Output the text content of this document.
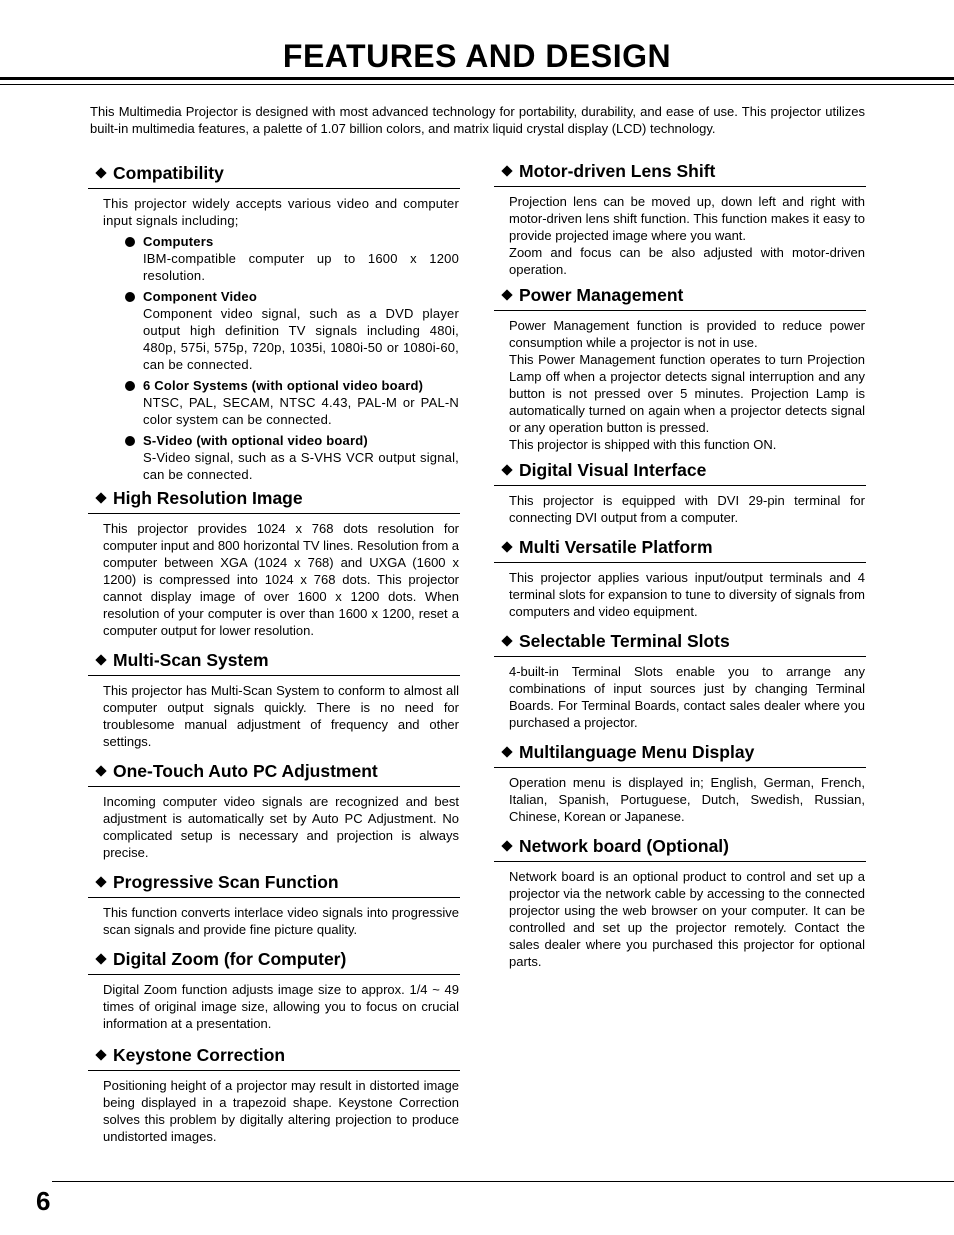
FEATURES AND DESIGN

This Multimedia Projector is designed with most advanced technology for portability, durability, and ease of use. This projector utilizes built-in multimedia features, a palette of 1.07 billion colors, and matrix liquid crystal display (LCD) technology.

Compatibility

This projector widely accepts various video and computer input signals including;

Computers
IBM-compatible computer up to 1600 x 1200 resolution.
Component Video
Component video signal, such as a DVD player output high definition TV signals including 480i, 480p, 575i, 575p, 720p, 1035i, 1080i-50 or 1080i-60, can be connected.
6 Color Systems (with optional video board)
NTSC, PAL, SECAM, NTSC 4.43, PAL-M or PAL-N color system can be connected.
S-Video (with optional video board)
S-Video signal, such as a S-VHS VCR output signal, can be connected.
High Resolution Image

This projector provides 1024 x 768 dots resolution for computer input and 800 horizontal TV lines. Resolution from a computer between XGA (1024 x 768) and UXGA (1600 x 1200) is compressed into 1024 x 768 dots. This projector cannot display image of over 1600 x 1200 dots. When resolution of your computer is over than 1600 x 1200, reset a computer output for lower resolution.

Multi-Scan System

This projector has Multi-Scan System to conform to almost all computer output signals quickly. There is no need for troublesome manual adjustment of frequency and other settings.

One-Touch Auto PC Adjustment

Incoming computer video signals are recognized and best adjustment is automatically set by Auto PC Adjustment. No complicated setup is necessary and projection is always precise.

Progressive Scan Function

This function converts interlace video signals into progressive scan signals and provide fine picture quality.

Digital Zoom (for Computer)

Digital Zoom function adjusts image size to approx. 1/4 ~ 49 times of original image size, allowing you to focus on crucial information at a presentation.

Keystone Correction

Positioning height of a projector may result in distorted image being displayed in a trapezoid shape. Keystone Correction solves this problem by digitally altering projection to produce undistorted images.

Motor-driven Lens Shift

Projection lens can be moved up, down left and right with motor-driven lens shift function. This function makes it easy to provide projected image where you want.

Zoom and focus can be also adjusted with motor-driven operation.

Power Management

Power Management function is provided to reduce power consumption while a projector is not in use.

This Power Management function operates to turn Projection Lamp off when a projector detects signal interruption and any button is not pressed over 5 minutes. Projection Lamp is automatically turned on again when a projector detects signal or any operation button is pressed.

This projector is shipped with this function ON.

Digital Visual Interface

This projector is equipped with DVI 29-pin terminal for connecting DVI output from a computer.

Multi Versatile Platform

This projector applies various input/output terminals and 4 terminal slots for expansion to tune to diversity of signals from computers and video equipment.

Selectable Terminal Slots

4-built-in Terminal Slots enable you to arrange any combinations of input sources just by changing Terminal Boards. For Terminal Boards, contact sales dealer where you purchased a projector.

Multilanguage Menu Display

Operation menu is displayed in; English, German, French, Italian, Spanish, Portuguese, Dutch, Swedish, Russian, Chinese, Korean or Japanese.

Network board (Optional)

Network board is an optional product to control and set up a projector via the network cable by accessing to the connected projector using the web browser on your computer. It can be controlled and set up the projector remotely. Contact the sales dealer where you purchased this projector for optional parts.

6
